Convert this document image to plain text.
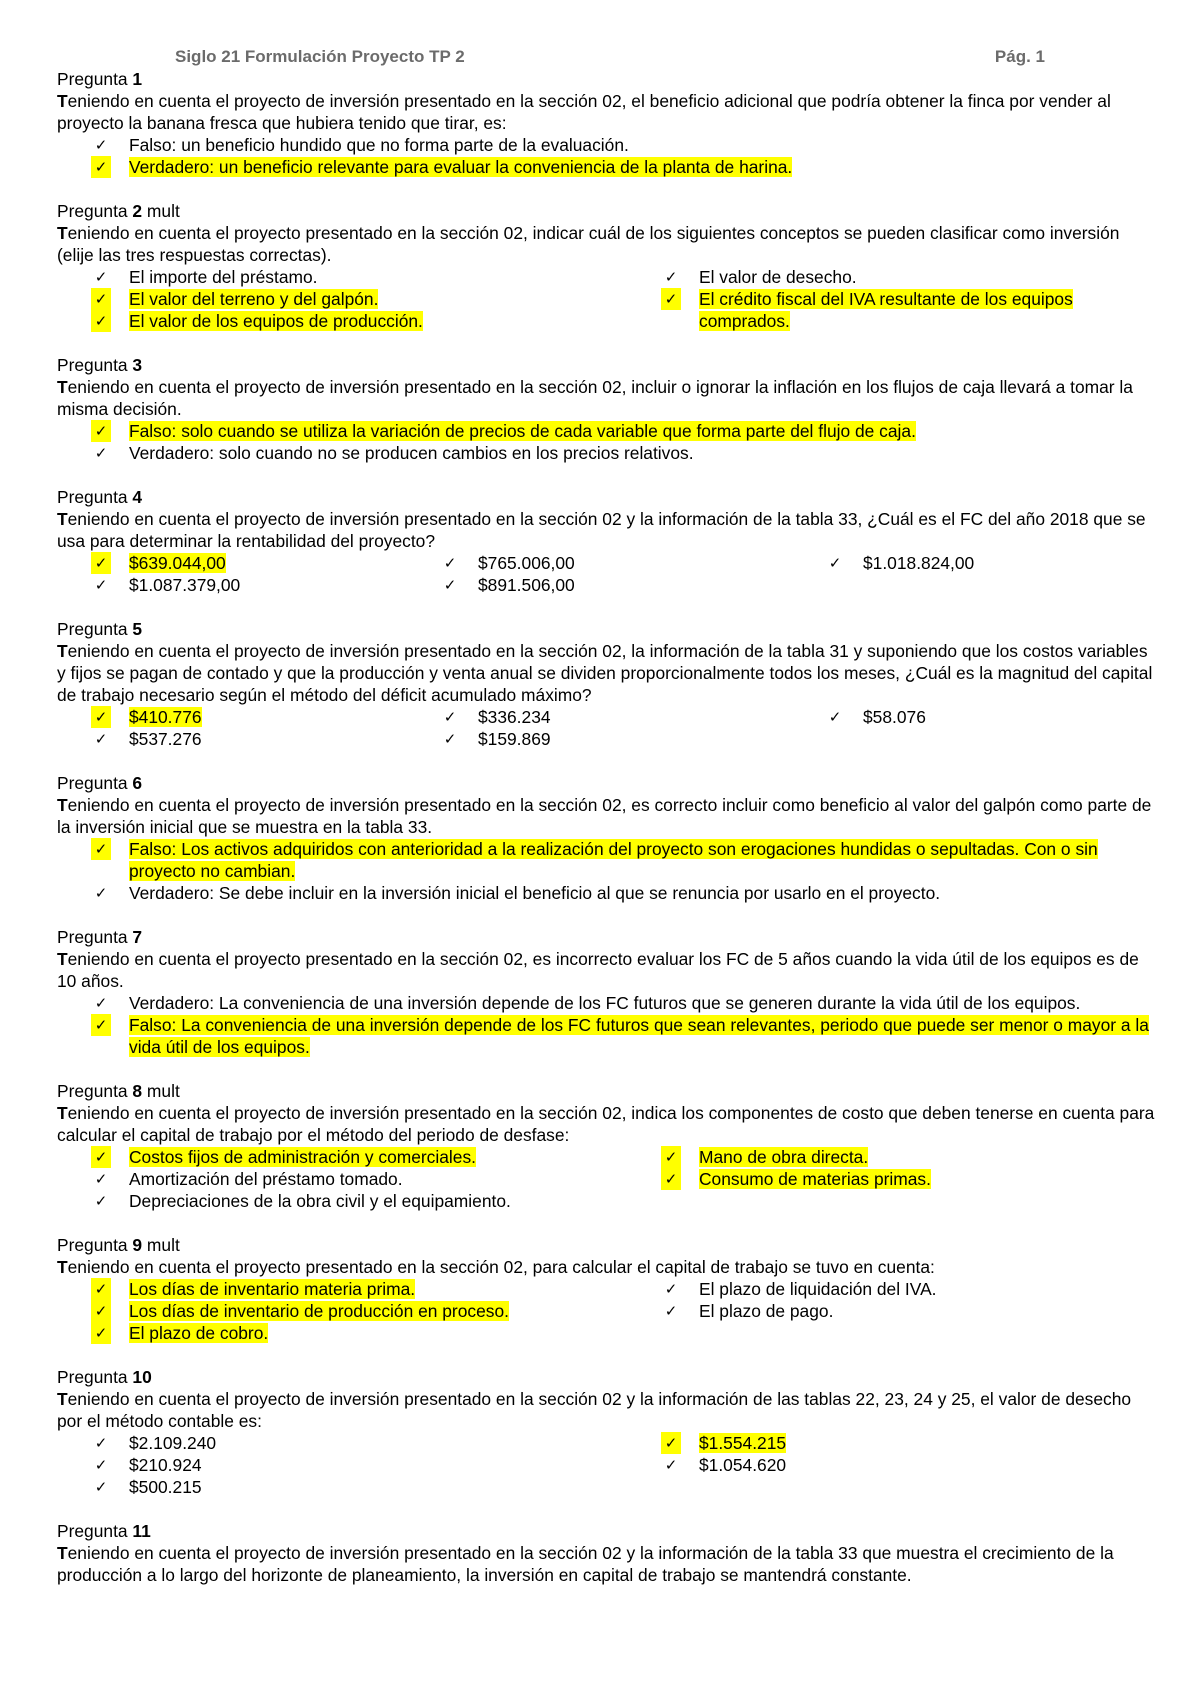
Siglo 21 Formulación Proyecto TP 2	Pág. 1
Pregunta 1
Teniendo en cuenta el proyecto de inversión presentado en la sección 02, el beneficio adicional que podría obtener la finca por vender al proyecto la banana fresca que hubiera tenido que tirar, es:
✓ Falso: un beneficio hundido que no forma parte de la evaluación.
✓ Verdadero: un beneficio relevante para evaluar la conveniencia de la planta de harina.
Pregunta 2 mult
Teniendo en cuenta el proyecto presentado en la sección 02, indicar cuál de los siguientes conceptos se pueden clasificar como inversión (elije las tres respuestas correctas).
✓ El importe del préstamo.
✓ El valor del terreno y del galpón.
✓ El valor de los equipos de producción.
✓ El valor de desecho.
✓ El crédito fiscal del IVA resultante de los equipos comprados.
Pregunta 3
Teniendo en cuenta el proyecto de inversión presentado en la sección 02, incluir o ignorar la inflación en los flujos de caja llevará a tomar la misma decisión.
✓ Falso: solo cuando se utiliza la variación de precios de cada variable que forma parte del flujo de caja.
✓ Verdadero: solo cuando no se producen cambios en los precios relativos.
Pregunta 4
Teniendo en cuenta el proyecto de inversión presentado en la sección 02 y la información de la tabla 33, ¿Cuál es el FC del año 2018 que se usa para determinar la rentabilidad del proyecto?
✓ $639.044,00
✓ $1.087.379,00
✓ $765.006,00
✓ $891.506,00
✓ $1.018.824,00
Pregunta 5
Teniendo en cuenta el proyecto de inversión presentado en la sección 02, la información de la tabla 31 y suponiendo que los costos variables y fijos se pagan de contado y que la producción y venta anual se dividen proporcionalmente todos los meses, ¿Cuál es la magnitud del capital de trabajo necesario según el método del déficit acumulado máximo?
✓ $410.776
✓ $537.276
✓ $336.234
✓ $159.869
✓ $58.076
Pregunta 6
Teniendo en cuenta el proyecto de inversión presentado en la sección 02, es correcto incluir como beneficio al valor del galpón como parte de la inversión inicial que se muestra en la tabla 33.
✓ Falso: Los activos adquiridos con anterioridad a la realización del proyecto son erogaciones hundidas o sepultadas. Con o sin proyecto no cambian.
✓ Verdadero: Se debe incluir en la inversión inicial el beneficio al que se renuncia por usarlo en el proyecto.
Pregunta 7
Teniendo en cuenta el proyecto presentado en la sección 02, es incorrecto evaluar los FC de 5 años cuando la vida útil de los equipos es de 10 años.
✓ Verdadero: La conveniencia de una inversión depende de los FC futuros que se generen durante la vida útil de los equipos.
✓ Falso: La conveniencia de una inversión depende de los FC futuros que sean relevantes, periodo que puede ser menor o mayor a la vida útil de los equipos.
Pregunta 8 mult
Teniendo en cuenta el proyecto de inversión presentado en la sección 02, indica los componentes de costo que deben tenerse en cuenta para calcular el capital de trabajo por el método del periodo de desfase:
✓ Costos fijos de administración y comerciales.
✓ Amortización del préstamo tomado.
✓ Depreciaciones de la obra civil y el equipamiento.
✓ Mano de obra directa.
✓ Consumo de materias primas.
Pregunta 9 mult
Teniendo en cuenta el proyecto presentado en la sección 02, para calcular el capital de trabajo se tuvo en cuenta:
✓ Los días de inventario materia prima.
✓ Los días de inventario de producción en proceso.
✓ El plazo de cobro.
✓ El plazo de liquidación del IVA.
✓ El plazo de pago.
Pregunta 10
Teniendo en cuenta el proyecto de inversión presentado en la sección 02 y la información de las tablas 22, 23, 24 y 25, el valor de desecho por el método contable es:
✓ $2.109.240
✓ $210.924
✓ $500.215
✓ $1.554.215
✓ $1.054.620
Pregunta 11
Teniendo en cuenta el proyecto de inversión presentado en la sección 02 y la información de la tabla 33 que muestra el crecimiento de la producción a lo largo del horizonte de planeamiento, la inversión en capital de trabajo se mantendrá constante.
